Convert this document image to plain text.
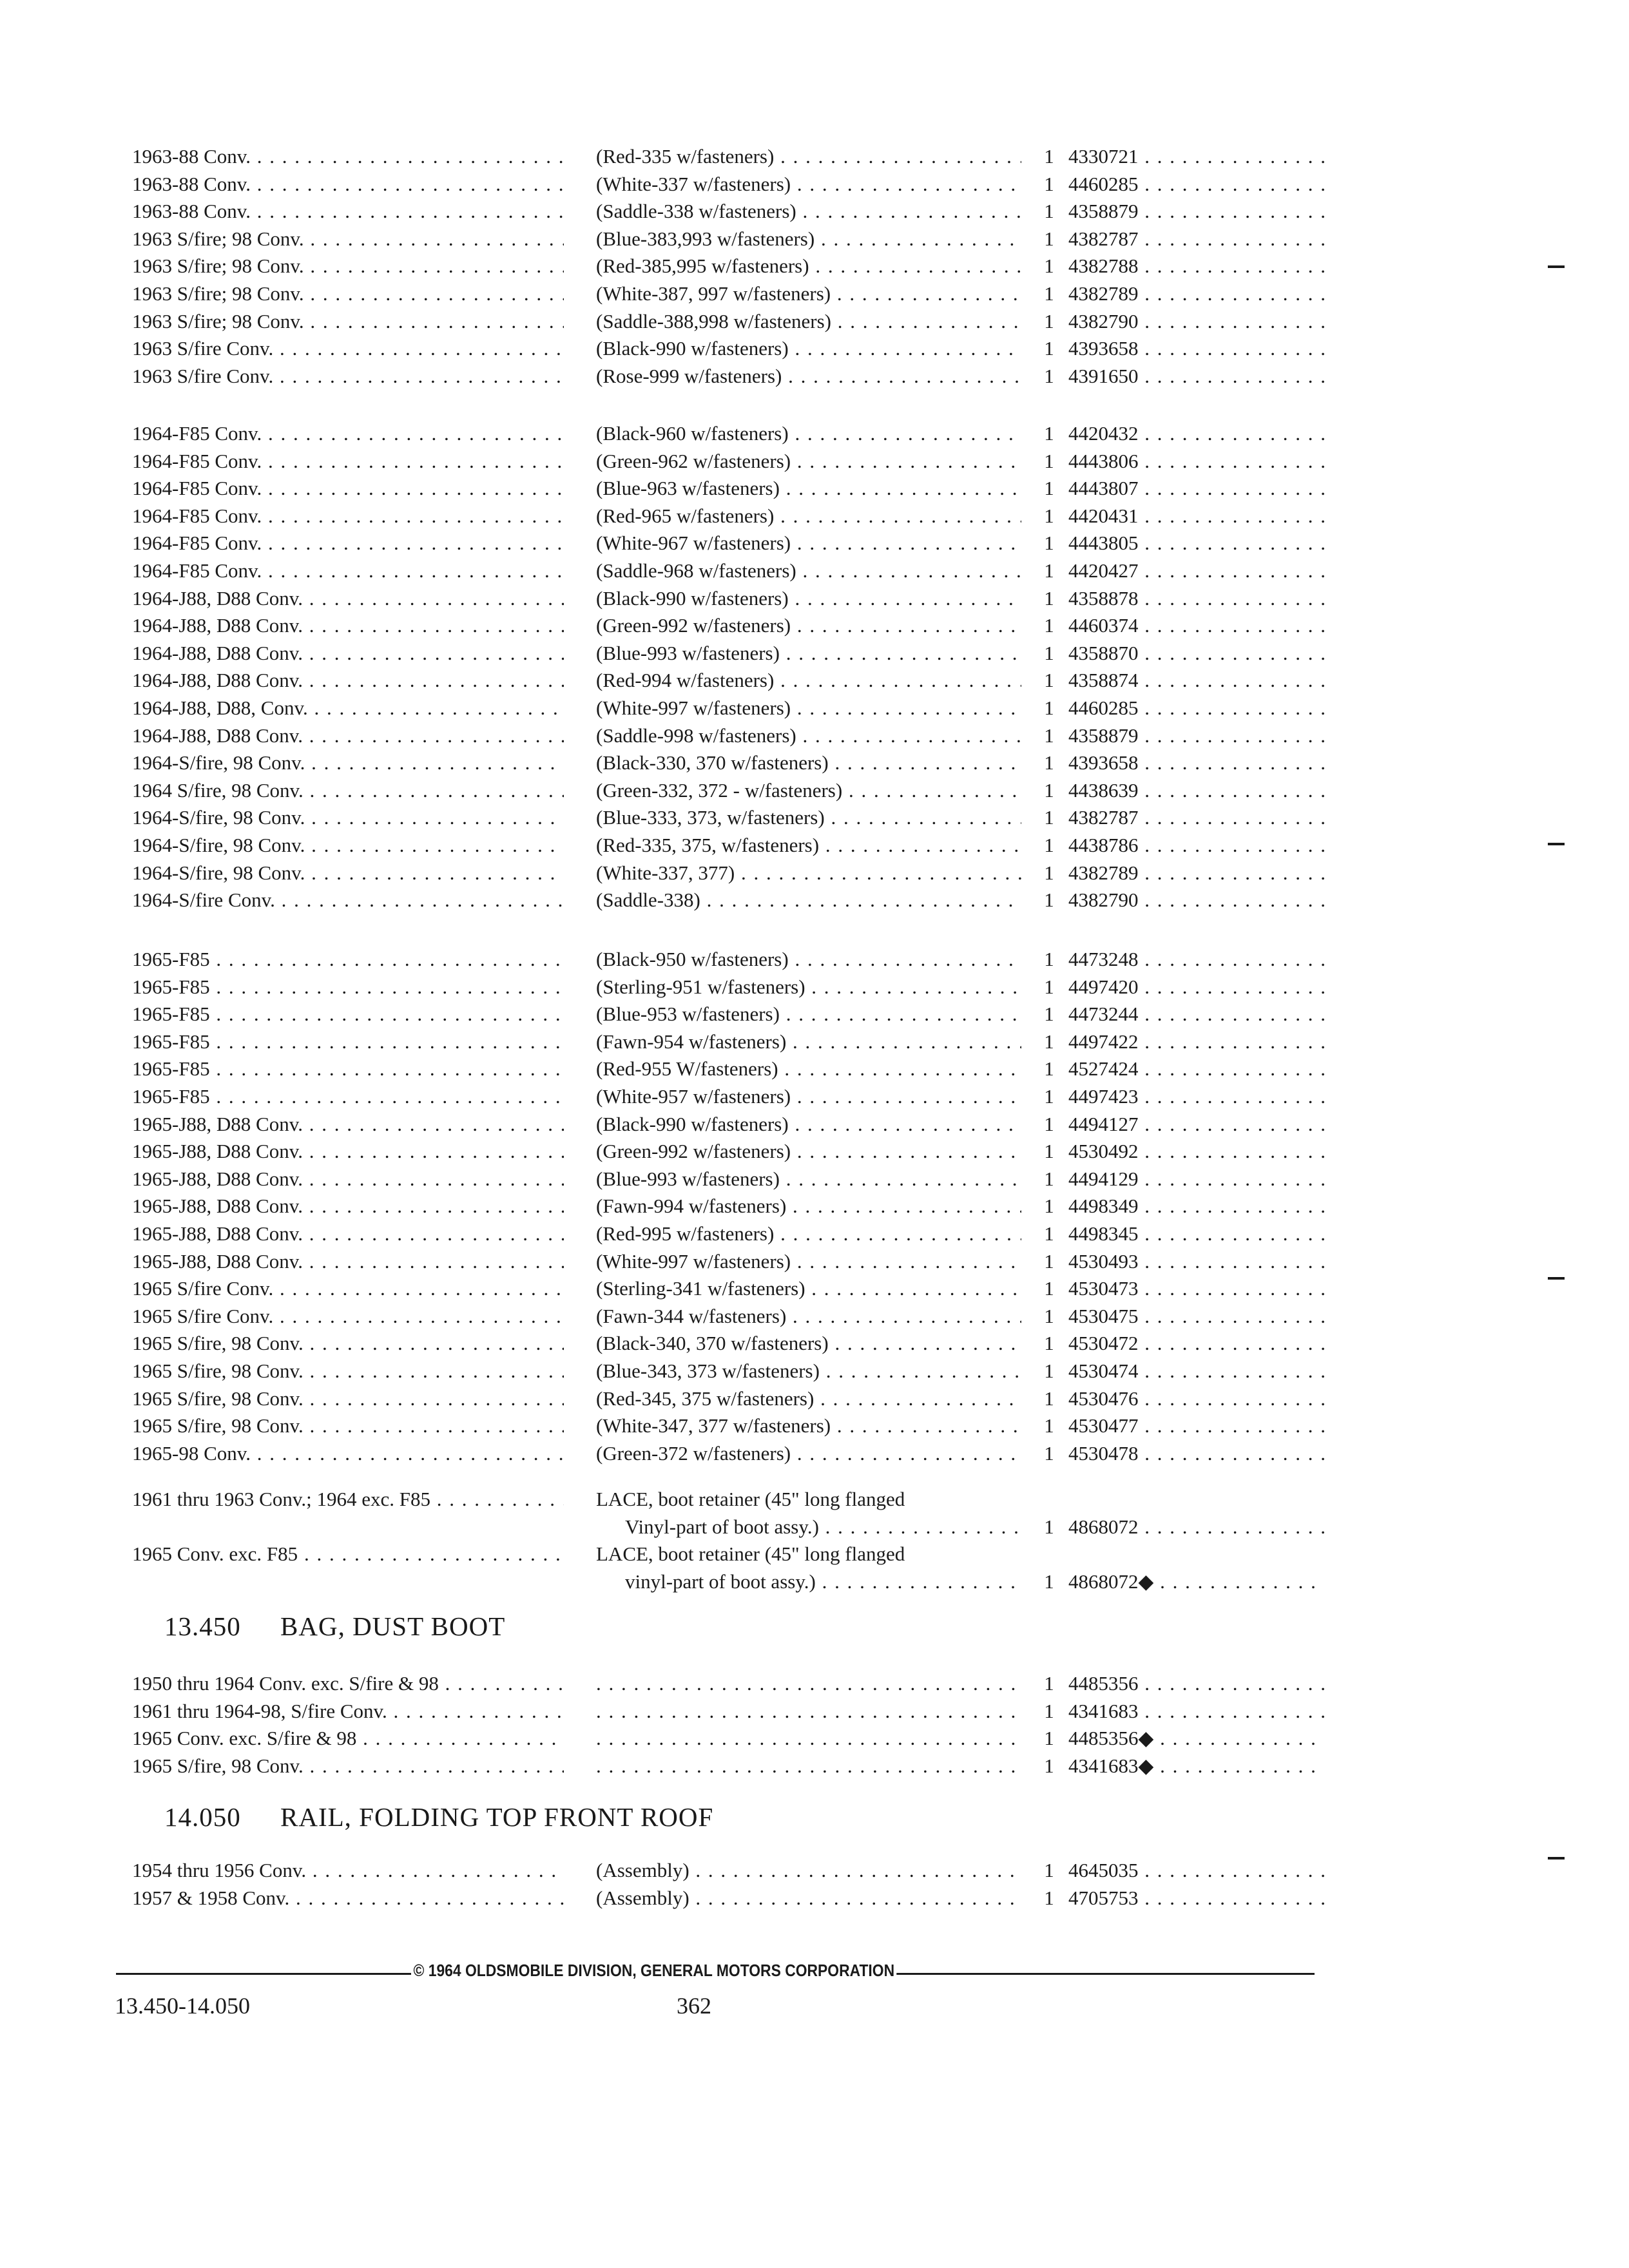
1963-88 Conv. . . .	(Red-335 w/fasteners) . . .	1 4330721 . . .
1963-88 Conv. . . .	(White-337 w/fasteners) . . .	1 4460285 . . .
1963-88 Conv. . . .	(Saddle-338 w/fasteners) . . .	1 4358879 . . .
1963 S/fire; 98 Conv. . . .	(Blue-383,993 w/fasteners) . . .	1 4382787 . . .
1963 S/fire; 98 Conv. . . .	(Red-385,995 w/fasteners) . . .	1 4382788 . . .
1963 S/fire; 98 Conv. . . .	(White-387, 997 w/fasteners) . . .	1 4382789 . . .
1963 S/fire; 98 Conv. . . .	(Saddle-388,998 w/fasteners) . . .	1 4382790 . . .
1963 S/fire Conv. . . .	(Black-990 w/fasteners) . . .	1 4393658 . . .
1963 S/fire Conv. . . .	(Rose-999 w/fasteners) . . .	1 4391650 . . .
1964-F85 Conv. . . .	(Black-960 w/fasteners) . . .	1 4420432 . . .
1964-F85 Conv. . . .	(Green-962 w/fasteners) . . .	1 4443806 . . .
1964-F85 Conv. . . .	(Blue-963 w/fasteners) . . .	1 4443807 . . .
1964-F85 Conv. . . .	(Red-965 w/fasteners) . . .	1 4420431 . . .
1964-F85 Conv. . . .	(White-967 w/fasteners) . . .	1 4443805 . . .
1964-F85 Conv. . . .	(Saddle-968 w/fasteners) . . .	1 4420427 . . .
1964-J88, D88 Conv. . . .	(Black-990 w/fasteners) . . .	1 4358878 . . .
1964-J88, D88 Conv. . . .	(Green-992 w/fasteners) . . .	1 4460374 . . .
1964-J88, D88 Conv. . . .	(Blue-993 w/fasteners) . . .	1 4358870 . . .
1964-J88, D88 Conv. . . .	(Red-994 w/fasteners) . . .	1 4358874 . . .
1964-J88, D88, Conv. . . .	(White-997 w/fasteners) . . .	1 4460285 . . .
1964-J88, D88 Conv. . . .	(Saddle-998 w/fasteners) . . .	1 4358879 . . .
1964-S/fire, 98 Conv. . . .	(Black-330, 370 w/fasteners) . . .	1 4393658 . . .
1964 S/fire, 98 Conv. . . .	(Green-332, 372 - w/fasteners) . . .	1 4438639 . . .
1964-S/fire, 98 Conv. . . .	(Blue-333, 373, w/fasteners) . . .	1 4382787 . . .
1964-S/fire, 98 Conv. . . .	(Red-335, 375, w/fasteners) . . .	1 4438786 . . .
1964-S/fire, 98 Conv. . . .	(White-337, 377) . . .	1 4382789 . . .
1964-S/fire Conv. . . .	(Saddle-338) . . .	1 4382790 . . .
1965-F85 . . .	(Black-950 w/fasteners) . . .	1 4473248 . . .
1965-F85 . . .	(Sterling-951 w/fasteners) . . .	1 4497420 . . .
1965-F85 . . .	(Blue-953 w/fasteners) . . .	1 4473244 . . .
1965-F85 . . .	(Fawn-954 w/fasteners) . . .	1 4497422 . . .
1965-F85 . . .	(Red-955 W/fasteners) . . .	1 4527424 . . .
1965-F85 . . .	(White-957 w/fasteners) . . .	1 4497423 . . .
1965-J88, D88 Conv. . . .	(Black-990 w/fasteners) . . .	1 4494127 . . .
1965-J88, D88 Conv. . . .	(Green-992 w/fasteners) . . .	1 4530492 . . .
1965-J88, D88 Conv. . . .	(Blue-993 w/fasteners) . . .	1 4494129 . . .
1965-J88, D88 Conv. . . .	(Fawn-994 w/fasteners) . . .	1 4498349 . . .
1965-J88, D88 Conv. . . .	(Red-995 w/fasteners) . . .	1 4498345 . . .
1965-J88, D88 Conv. . . .	(White-997 w/fasteners) . . .	1 4530493 . . .
1965 S/fire Conv. . . .	(Sterling-341 w/fasteners) . . .	1 4530473 . . .
1965 S/fire Conv. . . .	(Fawn-344 w/fasteners) . . .	1 4530475 . . .
1965 S/fire, 98 Conv. . . .	(Black-340, 370 w/fasteners) . . .	1 4530472 . . .
1965 S/fire, 98 Conv. . . .	(Blue-343, 373 w/fasteners) . . .	1 4530474 . . .
1965 S/fire, 98 Conv. . . .	(Red-345, 375 w/fasteners) . . .	1 4530476 . . .
1965 S/fire, 98 Conv. . . .	(White-347, 377 w/fasteners) . . .	1 4530477 . . .
1965-98 Conv. . . .	(Green-372 w/fasteners) . . .	1 4530478 . . .
1961 thru 1963 Conv.; 1964 exc. F85 . . .	LACE, boot retainer (45" long flanged
Vinyl-part of boot assy.) . . .	1 4868072 . . .
1965 Conv. exc. F85 . . .	LACE, boot retainer (45" long flanged
vinyl-part of boot assy.) . . .	1 4868072◆ . . .
13.450 BAG, DUST BOOT
1950 thru 1964 Conv. exc. S/fire & 98 . . . . . .	1 4485356 . . .
1961 thru 1964-98, S/fire Conv. . . . . . .	1 4341683 . . .
1965 Conv. exc. S/fire & 98 . . . . . .	1 4485356◆ . . .
1965 S/fire, 98 Conv. . . . . . .	1 4341683◆ . . .
14.050 RAIL, FOLDING TOP FRONT ROOF
1954 thru 1956 Conv. . . .	(Assembly) . . .	1 4645035 . . .
1957 & 1958 Conv. . . .	(Assembly) . . .	1 4705753 . . .
© 1964 OLDSMOBILE DIVISION, GENERAL MOTORS CORPORATION
13.450-14.050	362
